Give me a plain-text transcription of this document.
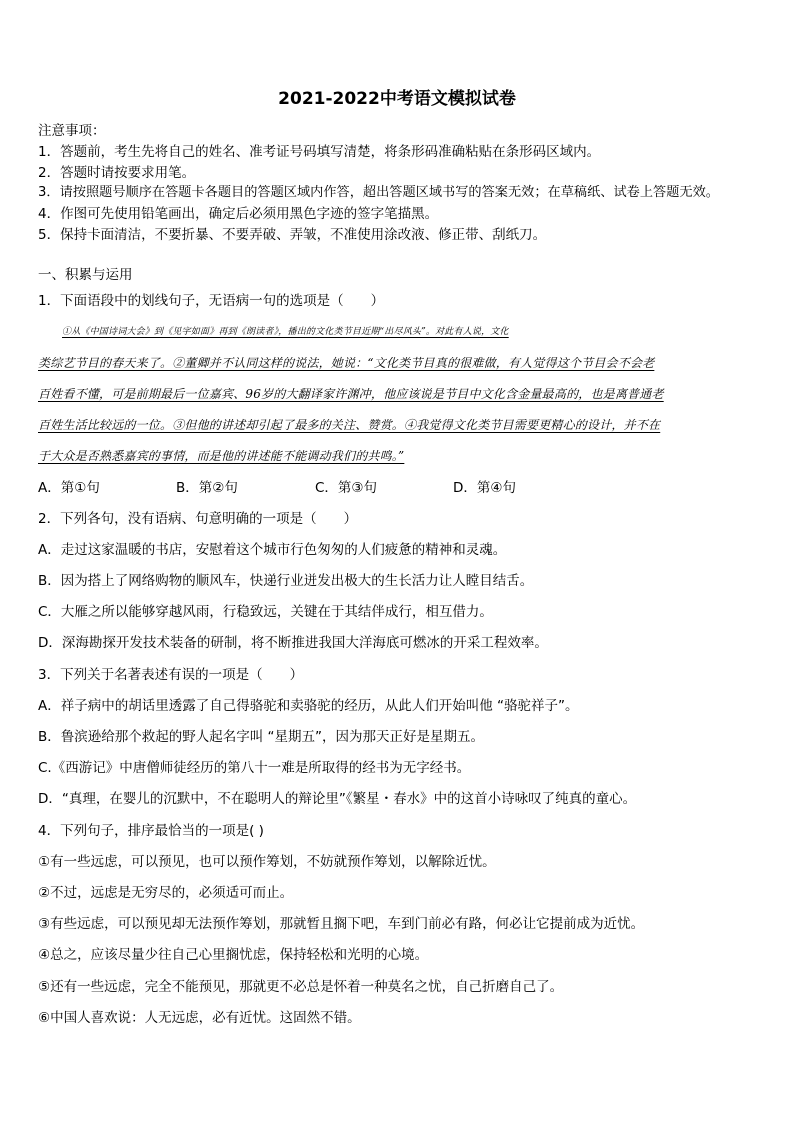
2021-2022中考语文模拟试卷
注意事项：
1．答题前，考生先将自己的姓名、准考证号码填写清楚，将条形码准确粘贴在条形码区域内。
2．答题时请按要求用笔。
3．请按照题号顺序在答题卡各题目的答题区域内作答，超出答题区域书写的答案无效；在草稿纸、试卷上答题无效。
4．作图可先使用铅笔画出，确定后必须用黑色字迹的签字笔描黑。
5．保持卡面清洁，不要折暴、不要弄破、弄皱，不准使用涂改液、修正带、刮纸刀。
一、积累与运用
1．下面语段中的划线句子，无语病一句的选项是（　　）
①从《中国诗词大会》到《见字如面》再到《朗读者》，播出的文化类节目近期“出尽风头”。对此有人说，文化
类综艺节目的春天来了。②董卿并不认同这样的说法，她说：“文化类节目真的很难做，有人觉得这个节目会不会老
百姓看不懂，可是前期最后一位嘉宾、96岁的大翻译家许渊冲，他应该说是节目中文化含金量最高的，也是离普通老
百姓生活比较远的一位。③但他的讲述却引起了最多的关注、赞赏。④我觉得文化类节目需要更精心的设计，并不在
于大众是否熟悉嘉宾的事情，而是他的讲述能不能调动我们的共鸣。”
A．第①句	B．第②句	C．第③句	D．第④句
2．下列各句，没有语病、句意明确的一项是（　　）
A．走过这家温暖的书店，安慰着这个城市行色匆匆的人们疲惫的精神和灵魂。
B．因为搭上了网络购物的顺风车，快递行业迸发出极大的生长活力让人瞠目结舌。
C．大雁之所以能够穿越风雨，行稳致远，关键在于其结伴成行，相互借力。
D．深海勘探开发技术装备的研制，将不断推进我国大洋海底可燃冰的开采工程效率。
3．下列关于名著表述有误的一项是（　　）
A．祥子病中的胡话里透露了自己得骆驼和卖骆驼的经历，从此人们开始叫他 “骆驼祥子”。
B．鲁滨逊给那个救起的野人起名字叫 “星期五”，因为那天正好是星期五。
C.《西游记》中唐僧师徒经历的第八十一难是所取得的经书为无字经书。
D．“真理，在婴儿的沉默中，不在聪明人的辩论里”《繁星・春水》中的这首小诗咏叹了纯真的童心。
4．下列句子，排序最恰当的一项是( )
①有一些远虑，可以预见，也可以预作筹划，不妨就预作筹划，以解除近忧。
②不过，远虑是无穷尽的，必须适可而止。
③有些远虑，可以预见却无法预作筹划，那就暂且搁下吧，车到门前必有路，何必让它提前成为近忧。
④总之，应该尽量少往自己心里搁忧虑，保持轻松和光明的心境。
⑤还有一些远虑，完全不能预见，那就更不必总是怀着一种莫名之忧，自己折磨自己了。
⑥中国人喜欢说：人无远虑，必有近忧。这固然不错。
